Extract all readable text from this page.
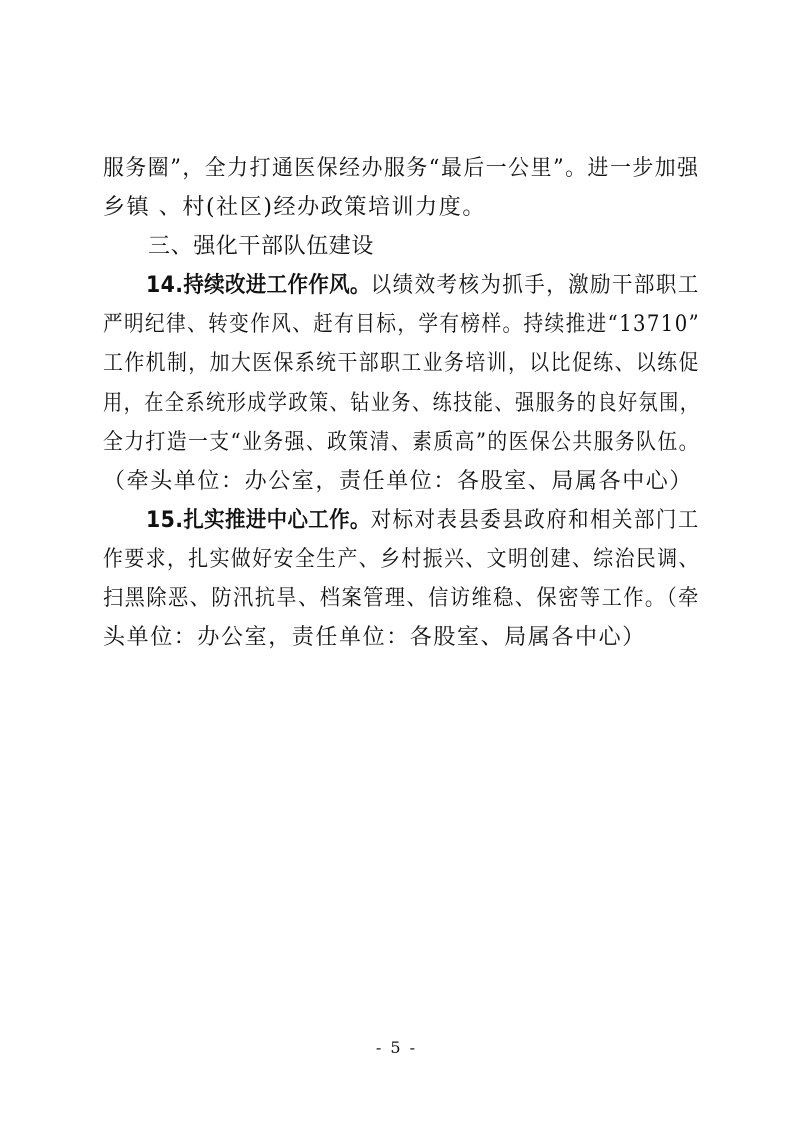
服务圈”，全力打通医保经办服务“最后一公里”。进一步加强
乡镇 、村(社区)经办政策培训力度。
三、强化干部队伍建设
14.持续改进工作作风。以绩效考核为抓手，激励干部职工
严明纪律、转变作风、赶有目标，学有榜样。持续推进“13710”
工作机制，加大医保系统干部职工业务培训，以比促练、以练促
用，在全系统形成学政策、钻业务、练技能、强服务的良好氛围，
全力打造一支“业务强、政策清、素质高”的医保公共服务队伍。
（牵头单位：办公室，责任单位：各股室、局属各中心）
15.扎实推进中心工作。对标对表县委县政府和相关部门工
作要求，扎实做好安全生产、乡村振兴、文明创建、综治民调、
扫黑除恶、防汛抗旱、档案管理、信访维稳、保密等工作。（牵
头单位：办公室，责任单位：各股室、局属各中心）
- 5 -
